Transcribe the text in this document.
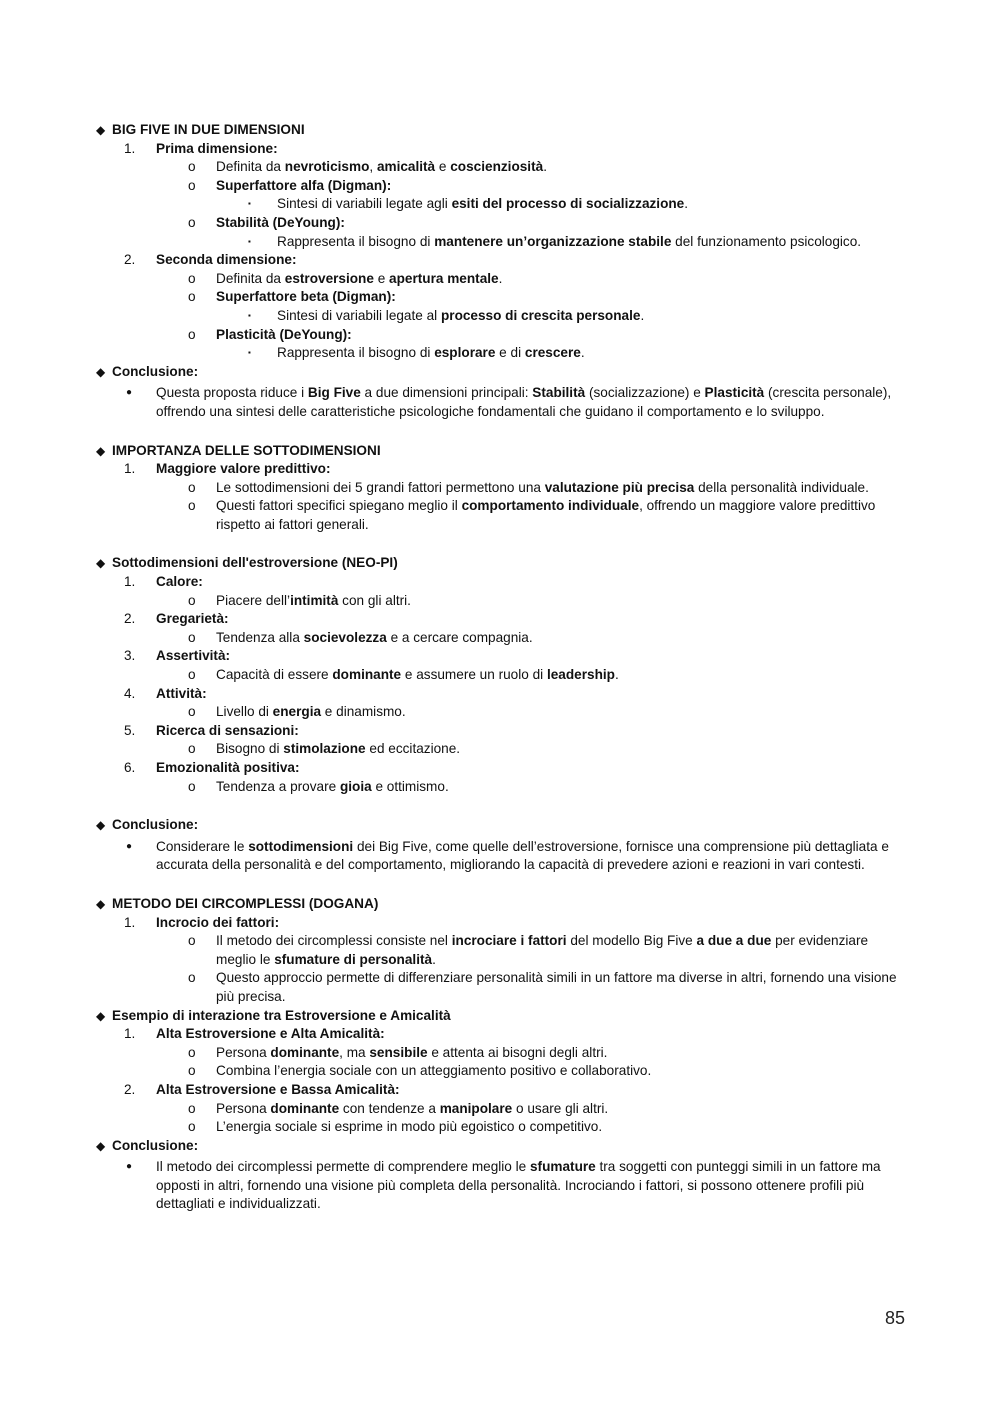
◆ BIG FIVE IN DUE DIMENSIONI
1. Prima dimensione:
o Definita da nevroticismo, amicalità e coscienziosità.
o Superfattore alfa (Digman):
▪ Sintesi di variabili legate agli esiti del processo di socializzazione.
o Stabilità (DeYoung):
▪ Rappresenta il bisogno di mantenere un’organizzazione stabile del funzionamento psicologico.
2. Seconda dimensione:
o Definita da estroversione e apertura mentale.
o Superfattore beta (Digman):
▪ Sintesi di variabili legate al processo di crescita personale.
o Plasticità (DeYoung):
▪ Rappresenta il bisogno di esplorare e di crescere.
◆ Conclusione:
● Questa proposta riduce i Big Five a due dimensioni principali: Stabilità (socializzazione) e Plasticità (crescita personale), offrendo una sintesi delle caratteristiche psicologiche fondamentali che guidano il comportamento e lo sviluppo.
◆ IMPORTANZA DELLE SOTTODIMENSIONI
1. Maggiore valore predittivo:
o Le sottodimensioni dei 5 grandi fattori permettono una valutazione più precisa della personalità individuale.
o Questi fattori specifici spiegano meglio il comportamento individuale, offrendo un maggiore valore predittivo rispetto ai fattori generali.
◆ Sottodimensioni dell'estroversione (NEO-PI)
1. Calore:
o Piacere dell’intimità con gli altri.
2. Gregarietà:
o Tendenza alla socievolezza e a cercare compagnia.
3. Assertività:
o Capacità di essere dominante e assumere un ruolo di leadership.
4. Attività:
o Livello di energia e dinamismo.
5. Ricerca di sensazioni:
o Bisogno di stimolazione ed eccitazione.
6. Emozionalità positiva:
o Tendenza a provare gioia e ottimismo.
◆ Conclusione:
● Considerare le sottodimensioni dei Big Five, come quelle dell’estroversione, fornisce una comprensione più dettagliata e accurata della personalità e del comportamento, migliorando la capacità di prevedere azioni e reazioni in vari contesti.
◆ METODO DEI CIRCOMPLESSI (DOGANA)
1. Incrocio dei fattori:
o Il metodo dei circomplessi consiste nel incrociare i fattori del modello Big Five a due a due per evidenziare meglio le sfumature di personalità.
o Questo approccio permette di differenziare personalità simili in un fattore ma diverse in altri, fornendo una visione più precisa.
◆ Esempio di interazione tra Estroversione e Amicalità
1. Alta Estroversione e Alta Amicalità:
o Persona dominante, ma sensibile e attenta ai bisogni degli altri.
o Combina l’energia sociale con un atteggiamento positivo e collaborativo.
2. Alta Estroversione e Bassa Amicalità:
o Persona dominante con tendenze a manipolare o usare gli altri.
o L’energia sociale si esprime in modo più egoistico o competitivo.
◆ Conclusione:
● Il metodo dei circomplessi permette di comprendere meglio le sfumature tra soggetti con punteggi simili in un fattore ma opposti in altri, fornendo una visione più completa della personalità. Incrociando i fattori, si possono ottenere profili più dettagliati e individualizzati.
85
